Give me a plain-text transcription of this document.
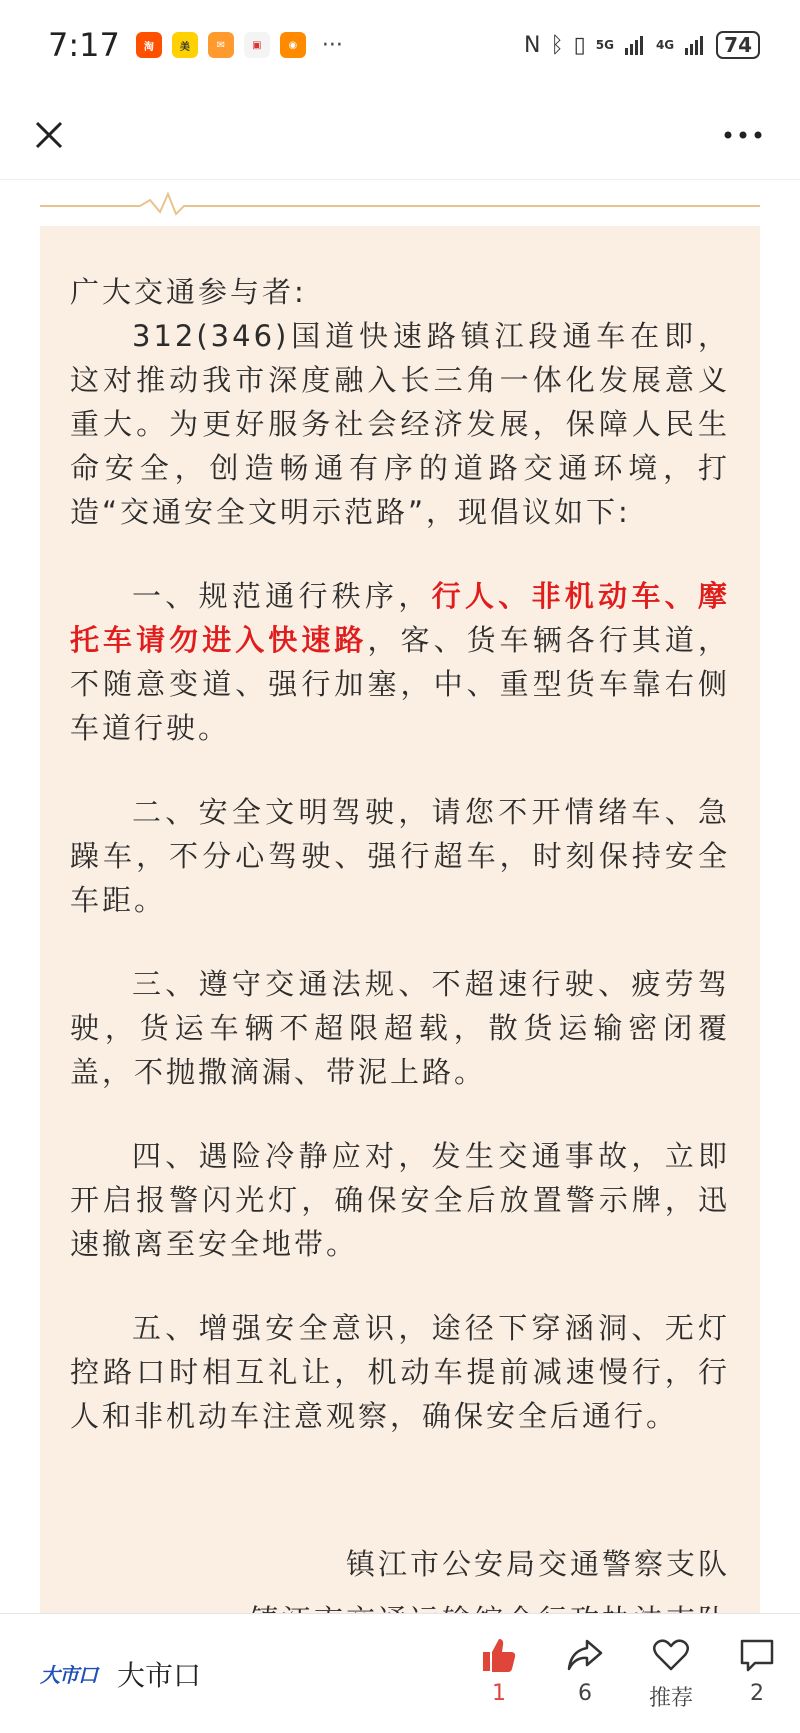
7:17	淘	美	✉	▣	◉	···	N ᛒ ▯ 5G	4G	74

广大交通参与者:

312(346)国道快速路镇江段通车在即，这对推动我市深度融入长三角一体化发展意义重大。为更好服务社会经济发展，保障人民生命安全，创造畅通有序的道路交通环境，打造“交通安全文明示范路”，现倡议如下:

一、规范通行秩序，行人、非机动车、摩托车请勿进入快速路，客、货车辆各行其道，不随意变道、强行加塞，中、重型货车靠右侧车道行驶。

二、安全文明驾驶，请您不开情绪车、急躁车，不分心驾驶、强行超车，时刻保持安全车距。

三、遵守交通法规、不超速行驶、疲劳驾驶，货运车辆不超限超载，散货运输密闭覆盖，不抛撒滴漏、带泥上路。

四、遇险冷静应对，发生交通事故，立即开启报警闪光灯，确保安全后放置警示牌，迅速撤离至安全地带。

五、增强安全意识，途径下穿涵洞、无灯控路口时相互礼让，机动车提前减速慢行，行人和非机动车注意观察，确保安全后通行。

镇江市公安局交通警察支队

大市口 大市口
1	6	推荐	2
